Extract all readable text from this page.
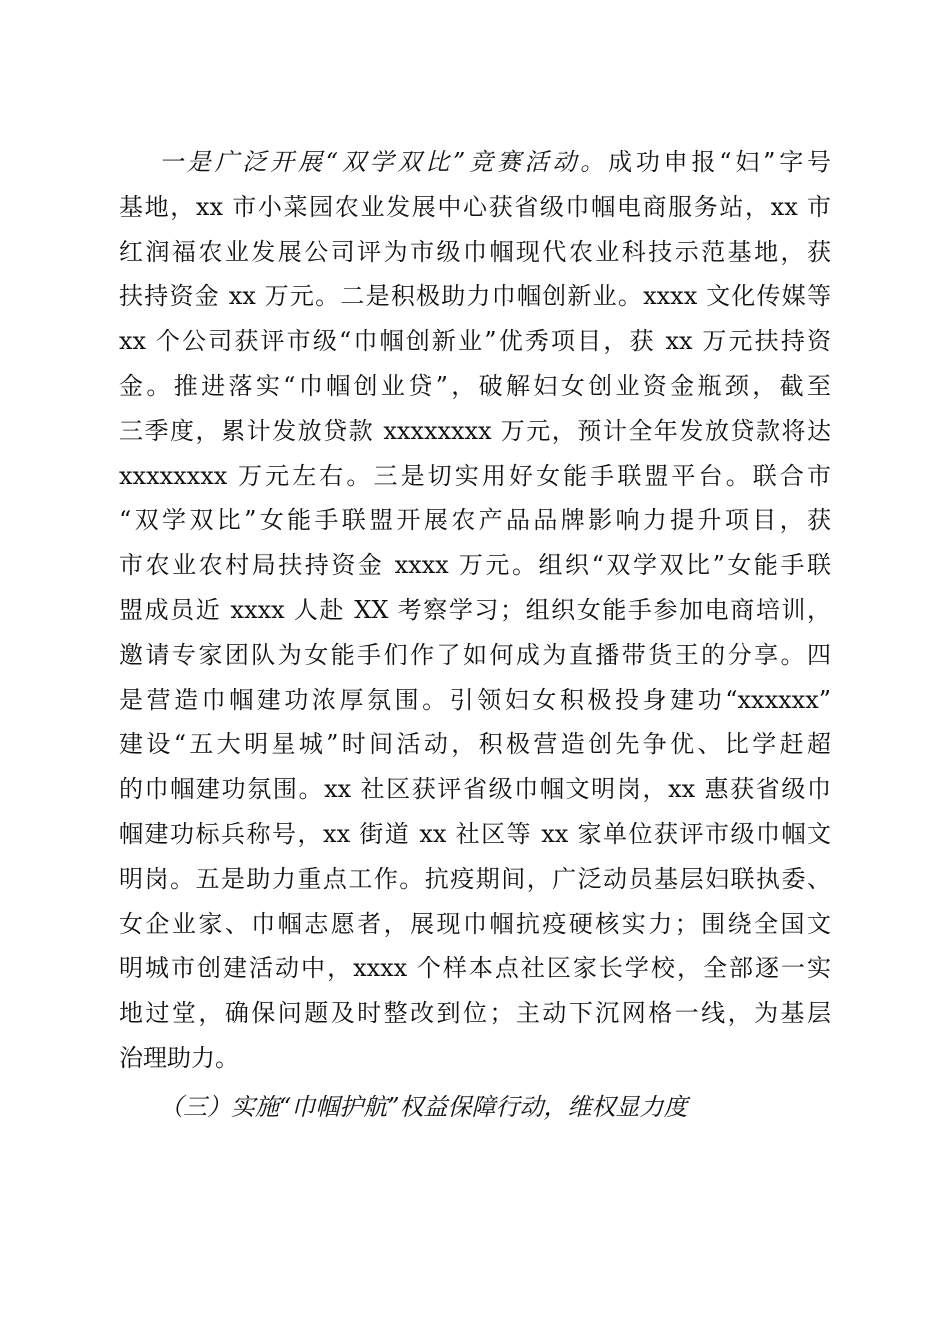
一是广泛开展“双学双比”竞赛活动。成功申报“妇”字号
基地，xx 市小菜园农业发展中心获省级巾帼电商服务站，xx 市
红润福农业发展公司评为市级巾帼现代农业科技示范基地，获
扶持资金 xx 万元。二是积极助力巾帼创新业。xxxx 文化传媒等
xx 个公司获评市级“巾帼创新业”优秀项目，获 xx 万元扶持资
金。推进落实“巾帼创业贷”，破解妇女创业资金瓶颈，截至
三季度，累计发放贷款 xxxxxxxx 万元，预计全年发放贷款将达
xxxxxxxx 万元左右。三是切实用好女能手联盟平台。联合市
“双学双比”女能手联盟开展农产品品牌影响力提升项目，获
市农业农村局扶持资金 xxxx 万元。组织“双学双比”女能手联
盟成员近 xxxx 人赴 XX 考察学习；组织女能手参加电商培训，
邀请专家团队为女能手们作了如何成为直播带货王的分享。四
是营造巾帼建功浓厚氛围。引领妇女积极投身建功“xxxxxx”
建设“五大明星城”时间活动，积极营造创先争优、比学赶超
的巾帼建功氛围。xx 社区获评省级巾帼文明岗，xx 惠获省级巾
帼建功标兵称号，xx 街道 xx 社区等 xx 家单位获评市级巾帼文
明岗。五是助力重点工作。抗疫期间，广泛动员基层妇联执委、
女企业家、巾帼志愿者，展现巾帼抗疫硬核实力；围绕全国文
明城市创建活动中，xxxx 个样本点社区家长学校，全部逐一实
地过堂，确保问题及时整改到位；主动下沉网格一线，为基层
治理助力。
（三）实施“巾帼护航”权益保障行动，维权显力度
